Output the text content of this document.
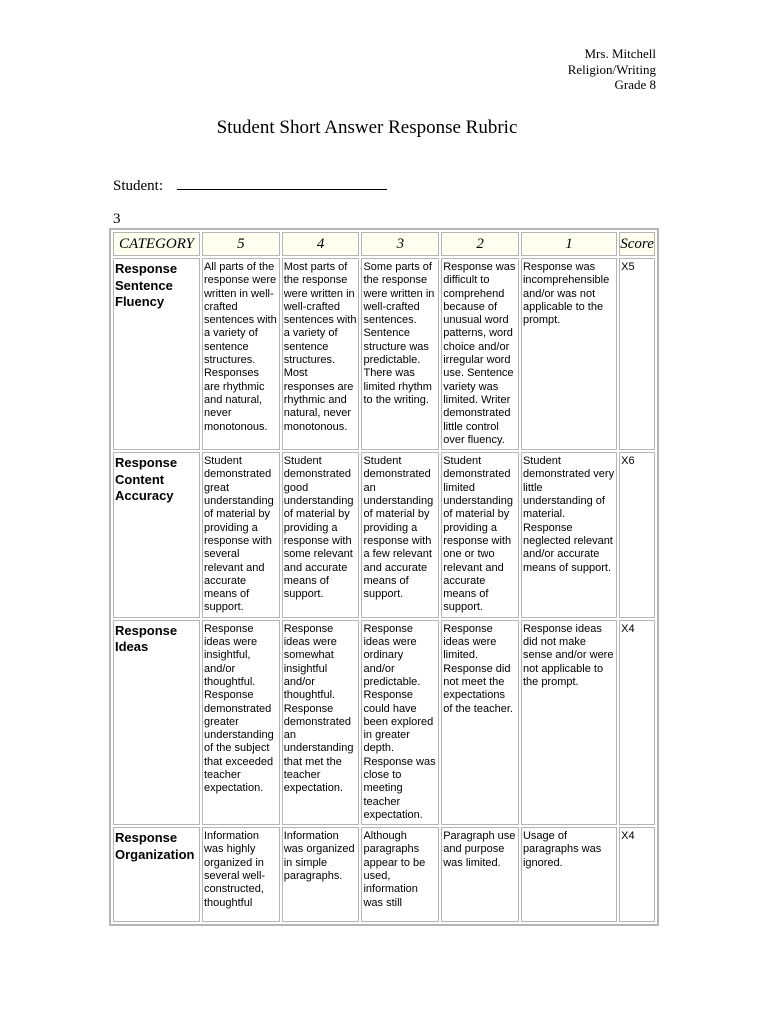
Mrs. Mitchell
Religion/Writing
Grade 8
Student Short Answer Response Rubric
Student:
3
CATEGORY	5	4	3	2	1	Score
Response Sentence Fluency	All parts of the response were written in well-crafted sentences with a variety of sentence structures. Responses are rhythmic and natural, never monotonous.	Most parts of the response were written in well-crafted sentences with a variety of sentence structures. Most responses are rhythmic and natural, never monotonous.	Some parts of the response were written in well-crafted sentences. Sentence structure was predictable. There was limited rhythm to the writing.	Response was difficult to comprehend because of unusual word patterns, word choice and/or irregular word use. Sentence variety was limited. Writer demonstrated little control over fluency.	Response was incomprehensible and/or was not applicable to the prompt.	X5
Response Content Accuracy	Student demonstrated great understanding of material by providing a response with several relevant and accurate means of support.	Student demonstrated good understanding of material by providing a response with some relevant and accurate means of support.	Student demonstrated an understanding of material by providing a response with a few relevant and accurate means of support.	Student demonstrated limited understanding of material by providing a response with one or two relevant and accurate means of support.	Student demonstrated very little understanding of material. Response neglected relevant and/or accurate means of support.	X6
Response Ideas	Response ideas were insightful, and/or thoughtful. Response demonstrated greater understanding of the subject that exceeded teacher expectation.	Response ideas were somewhat insightful and/or thoughtful. Response demonstrated an understanding that met the teacher expectation.	Response ideas were ordinary and/or predictable. Response could have been explored in greater depth. Response was close to meeting teacher expectation.	Response ideas were limited. Response did not meet the expectations of the teacher.	Response ideas did not make sense and/or were not applicable to the prompt.	X4
Response Organization	Information was highly organized in several well-constructed, thoughtful	Information was organized in simple paragraphs.	Although paragraphs appear to be used, information was still	Paragraph use and purpose was limited.	Usage of paragraphs was ignored.	X4
